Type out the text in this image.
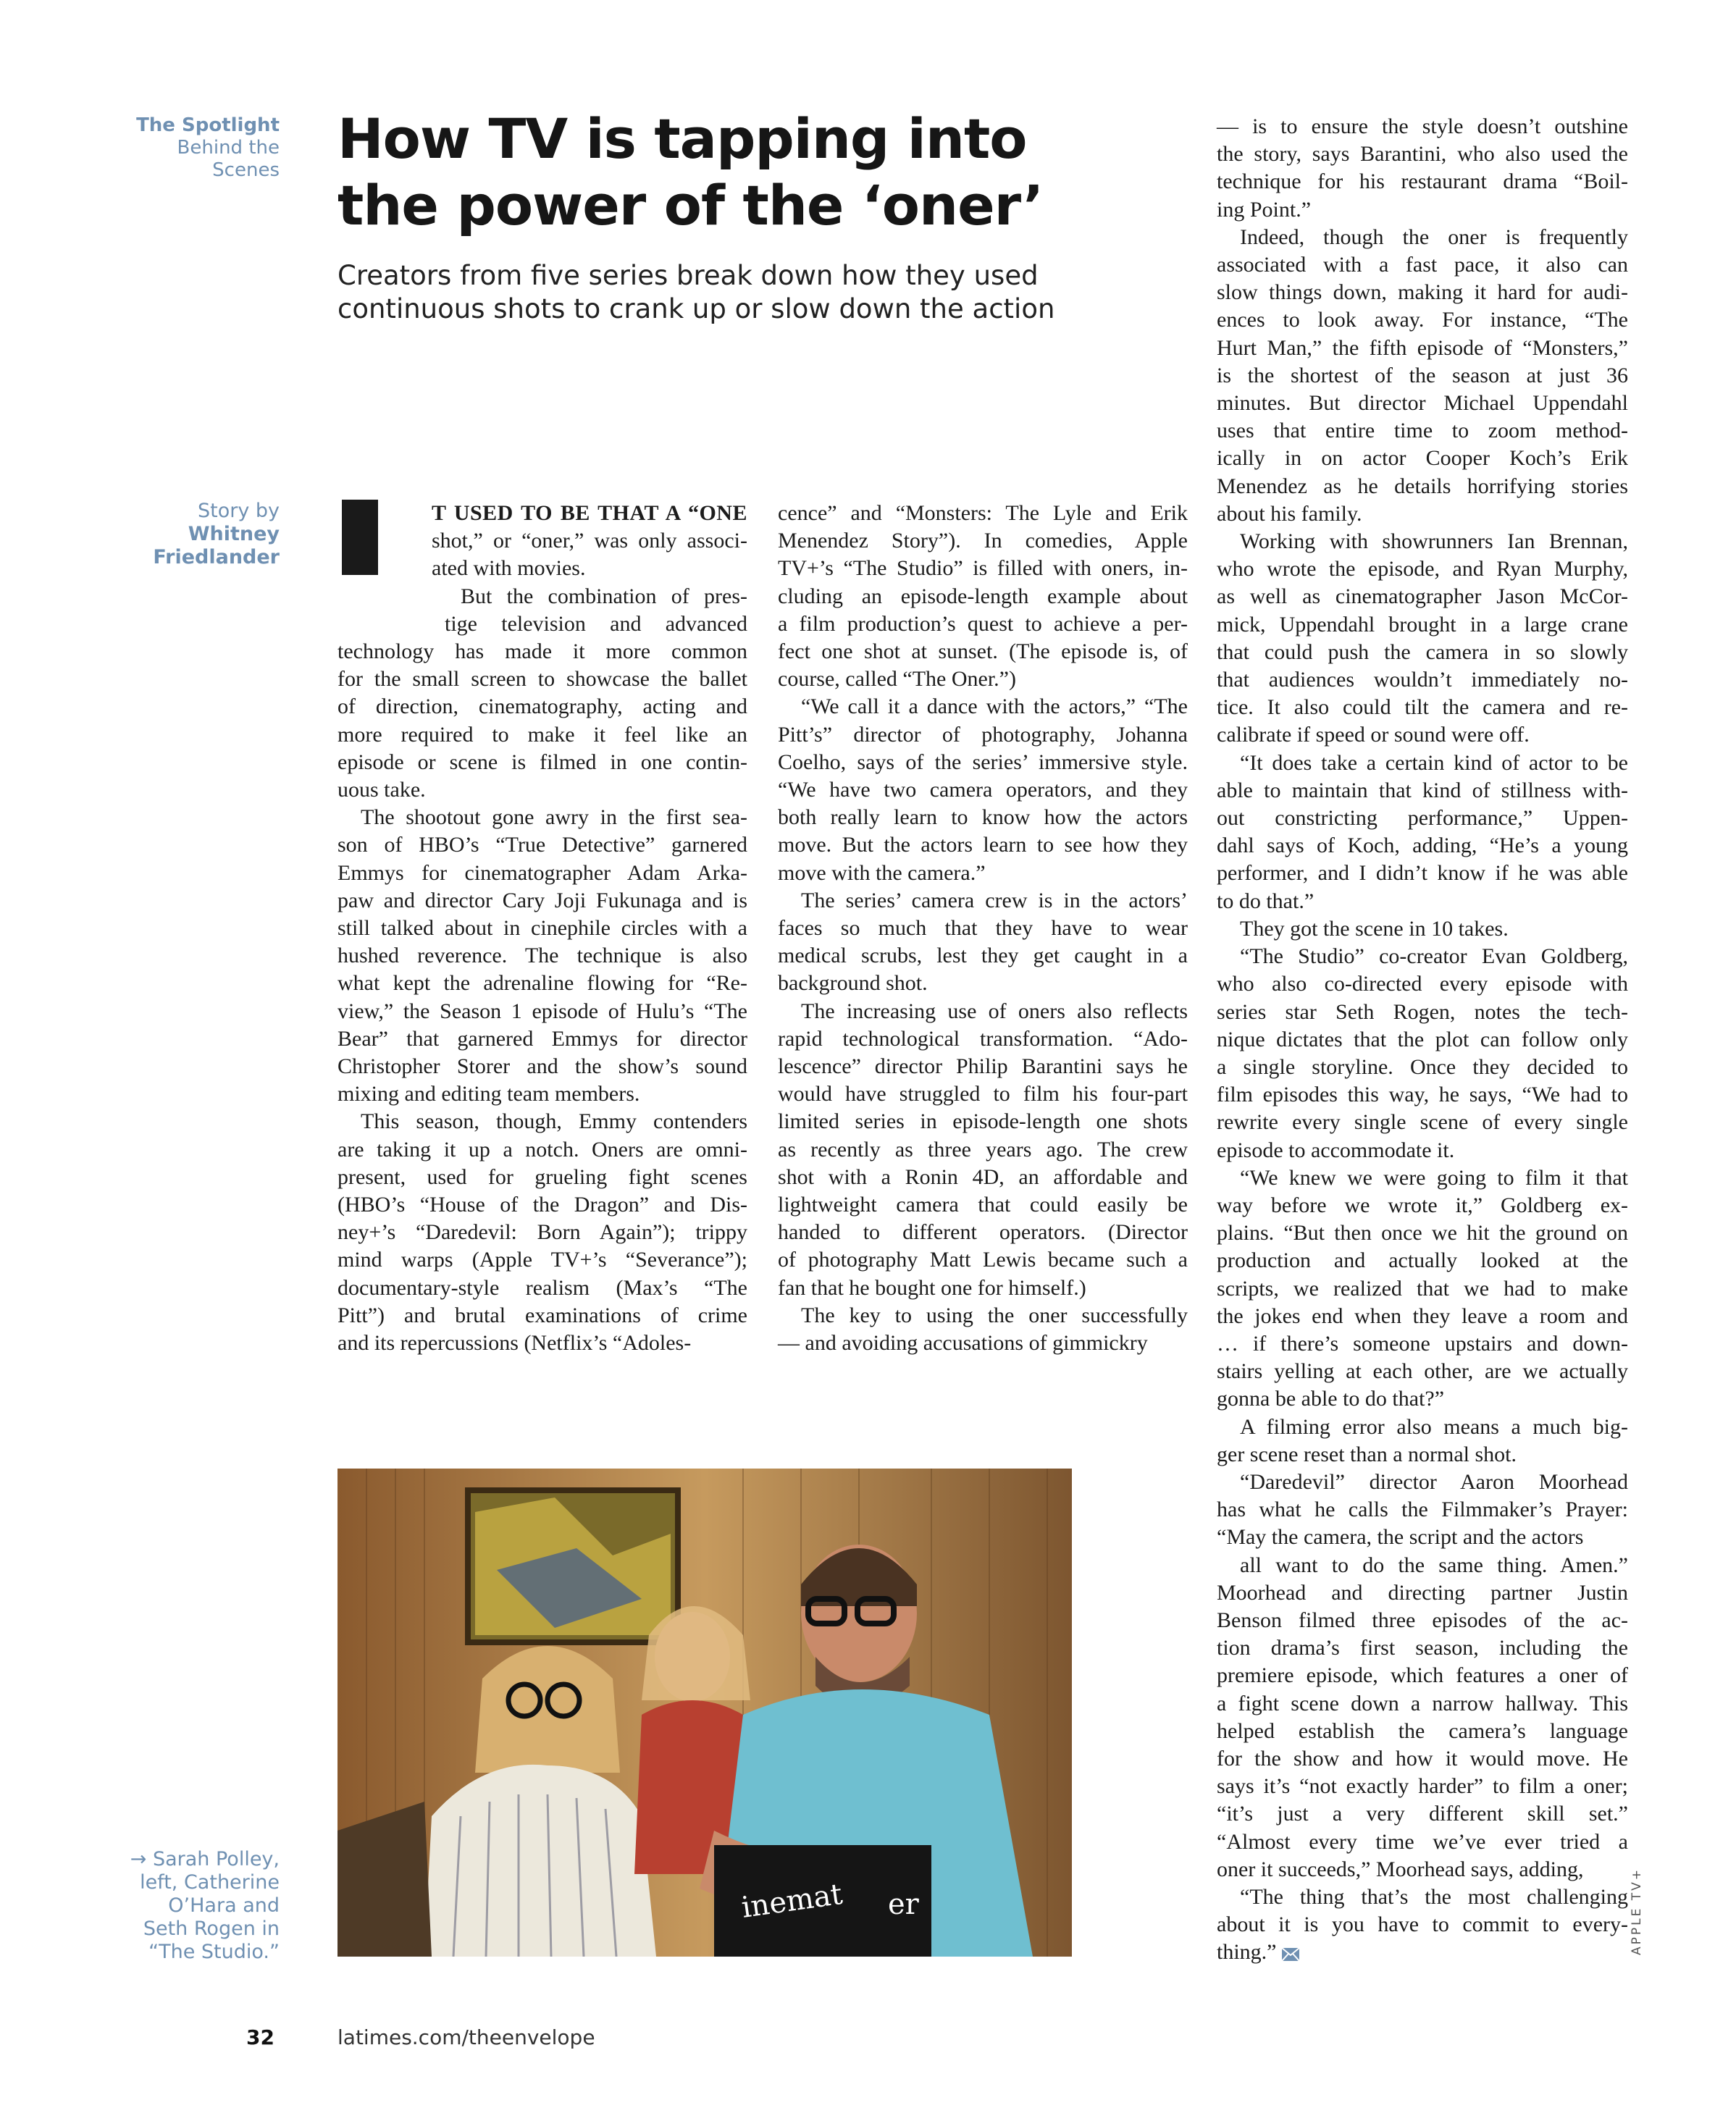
The Spotlight
Behind the
Scenes How TV is tapping into
the power of the ‘oner’
Creators from five series break down how they used
continuous shots to crank up or slow down the action
Story by
Whitney
Friedlander
T USED TO BE THAT A “ONE
shot,” or “oner,” was only associ-
ated with movies.
But the combination of pres-
tige television and advanced
technology has made it more common
for the small screen to showcase the ballet
of direction, cinematography, acting and
more required to make it feel like an
episode or scene is filmed in one contin-
uous take.
The shootout gone awry in the first sea-
son of HBO’s “True Detective” garnered
Emmys for cinematographer Adam Arka-
paw and director Cary Joji Fukunaga and is
still talked about in cinephile circles with a
hushed reverence. The technique is also
what kept the adrenaline flowing for “Re-
view,” the Season 1 episode of Hulu’s “The
Bear” that garnered Emmys for director
Christopher Storer and the show’s sound
mixing and editing team members.
This season, though, Emmy contenders
are taking it up a notch. Oners are omni-
present, used for grueling fight scenes
(HBO’s “House of the Dragon” and Dis-
ney+’s “Daredevil: Born Again”); trippy
mind warps (Apple TV+’s “Severance”);
documentary-style realism (Max’s “The
Pitt”) and brutal examinations of crime
and its repercussions (Netflix’s “Adoles-
cence” and “Monsters: The Lyle and Erik
Menendez Story”). In comedies, Apple
TV+’s “The Studio” is filled with oners, in-
cluding an episode-length example about
a film production’s quest to achieve a per-
fect one shot at sunset. (The episode is, of
course, called “The Oner.”)
“We call it a dance with the actors,” “The
Pitt’s” director of photography, Johanna
Coelho, says of the series’ immersive style.
“We have two camera operators, and they
both really learn to know how the actors
move. But the actors learn to see how they
move with the camera.”
The series’ camera crew is in the actors’
faces so much that they have to wear
medical scrubs, lest they get caught in a
background shot.
The increasing use of oners also reflects
rapid technological transformation. “Ado-
lescence” director Philip Barantini says he
would have struggled to film his four-part
limited series in episode-length one shots
as recently as three years ago. The crew
shot with a Ronin 4D, an affordable and
lightweight camera that could easily be
handed to different operators. (Director
of photography Matt Lewis became such a
fan that he bought one for himself.)
The key to using the oner successfully
— and avoiding accusations of gimmickry
— is to ensure the style doesn’t outshine
the story, says Barantini, who also used the
technique for his restaurant drama “Boil-
ing Point.”
Indeed, though the oner is frequently
associated with a fast pace, it also can
slow things down, making it hard for audi-
ences to look away. For instance, “The
Hurt Man,” the fifth episode of “Monsters,”
is the shortest of the season at just 36
minutes. But director Michael Uppendahl
uses that entire time to zoom method-
ically in on actor Cooper Koch’s Erik
Menendez as he details horrifying stories
about his family.
Working with showrunners Ian Brennan,
who wrote the episode, and Ryan Murphy,
as well as cinematographer Jason McCor-
mick, Uppendahl brought in a large crane
that could push the camera in so slowly
that audiences wouldn’t immediately no-
tice. It also could tilt the camera and re-
calibrate if speed or sound were off.
“It does take a certain kind of actor to be
able to maintain that kind of stillness with-
out constricting performance,” Uppen-
dahl says of Koch, adding, “He’s a young
performer, and I didn’t know if he was able
to do that.”
They got the scene in 10 takes.
“The Studio” co-creator Evan Goldberg,
who also co-directed every episode with
series star Seth Rogen, notes the tech-
nique dictates that the plot can follow only
a single storyline. Once they decided to
film episodes this way, he says, “We had to
rewrite every single scene of every single
episode to accommodate it.
“We knew we were going to film it that
way before we wrote it,” Goldberg ex-
plains. “But then once we hit the ground on
production and actually looked at the
scripts, we realized that we had to make
the jokes end when they leave a room and
… if there’s someone upstairs and down-
stairs yelling at each other, are we actually
gonna be able to do that?”
A filming error also means a much big-
ger scene reset than a normal shot.
“Daredevil” director Aaron Moorhead
has what he calls the Filmmaker’s Prayer:
“May the camera, the script and the actors
all want to do the same thing. Amen.”
Moorhead and directing partner Justin
Benson filmed three episodes of the ac-
tion drama’s first season, including the
premiere episode, which features a oner of
a fight scene down a narrow hallway. This
helped establish the camera’s language
for the show and how it would move. He
says it’s “not exactly harder” to film a oner;
“it’s just a very different skill set.”
“Almost every time we’ve ever tried a
oner it succeeds,” Moorhead says, adding,
“The thing that’s the most challenging
about it is you have to commit to every-
thing.”
inemat er
→ Sarah Polley,
left, Catherine
O’Hara and
Seth Rogen in
“The Studio.”	APPLE TV+
32	latimes.com/theenvelope
